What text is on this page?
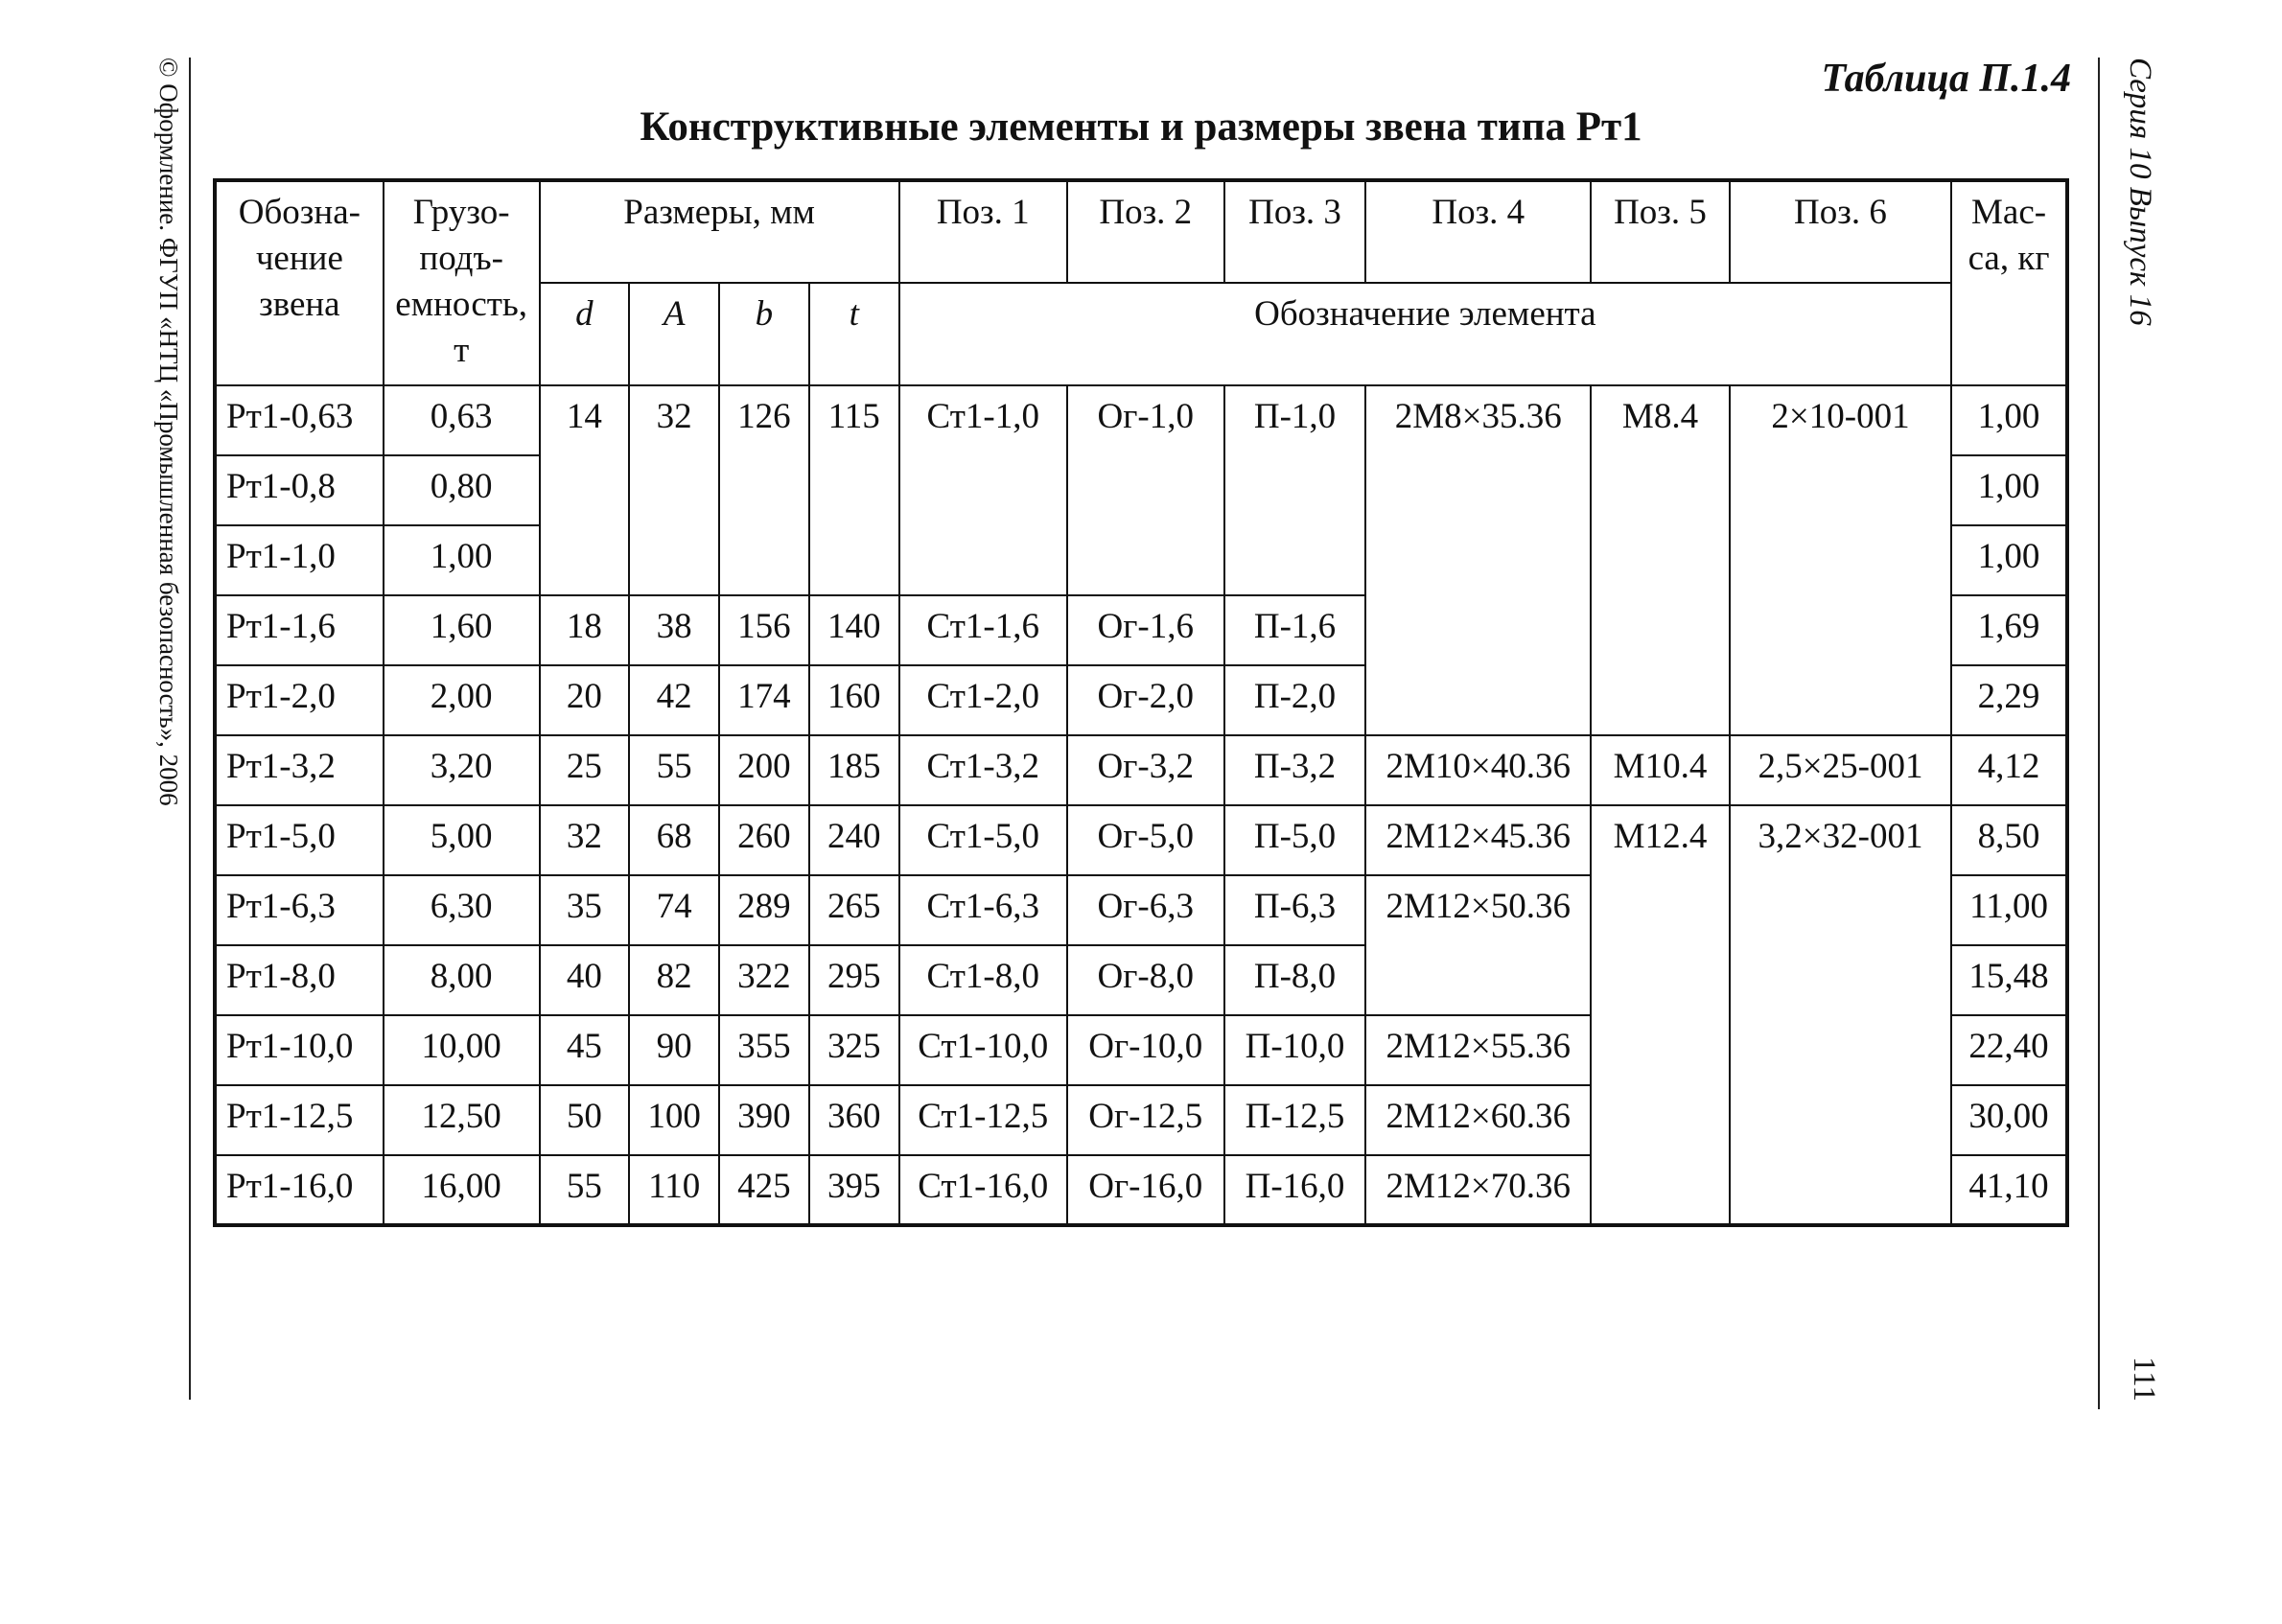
© Оформление. ФГУП «НТЦ «Промышленная безопасность», 2006	Серия 10 Выпуск 16
111
Таблица П.1.4
Конструктивные элементы и размеры звена типа Рт1
Обозна-
чение
звена	Грузо-
подъ-
емность,
т	Размеры, мм				Поз. 1	Поз. 2	Поз. 3	Поз. 4	Поз. 5	Поз. 6	Мас-
са, кг
		d	A	b	t	Обозначение элемента						
Рт1-0,63	0,63	14	32	126	115	Ст1-1,0	Ог-1,0	П-1,0	2М8×35.36	М8.4	2×10-001	1,00
Рт1-0,8	0,80											1,00
Рт1-1,0	1,00											1,00
Рт1-1,6	1,60	18	38	156	140	Ст1-1,6	Ог-1,6	П-1,6				1,69
Рт1-2,0	2,00	20	42	174	160	Ст1-2,0	Ог-2,0	П-2,0				2,29
Рт1-3,2	3,20	25	55	200	185	Ст1-3,2	Ог-3,2	П-3,2	2М10×40.36	М10.4	2,5×25-001	4,12
Рт1-5,0	5,00	32	68	260	240	Ст1-5,0	Ог-5,0	П-5,0	2М12×45.36	М12.4	3,2×32-001	8,50
Рт1-6,3	6,30	35	74	289	265	Ст1-6,3	Ог-6,3	П-6,3	2М12×50.36			11,00
Рт1-8,0	8,00	40	82	322	295	Ст1-8,0	Ог-8,0	П-8,0				15,48
Рт1-10,0	10,00	45	90	355	325	Ст1-10,0	Ог-10,0	П-10,0	2М12×55.36			22,40
Рт1-12,5	12,50	50	100	390	360	Ст1-12,5	Ог-12,5	П-12,5	2М12×60.36			30,00
Рт1-16,0	16,00	55	110	425	395	Ст1-16,0	Ог-16,0	П-16,0	2М12×70.36			41,10
